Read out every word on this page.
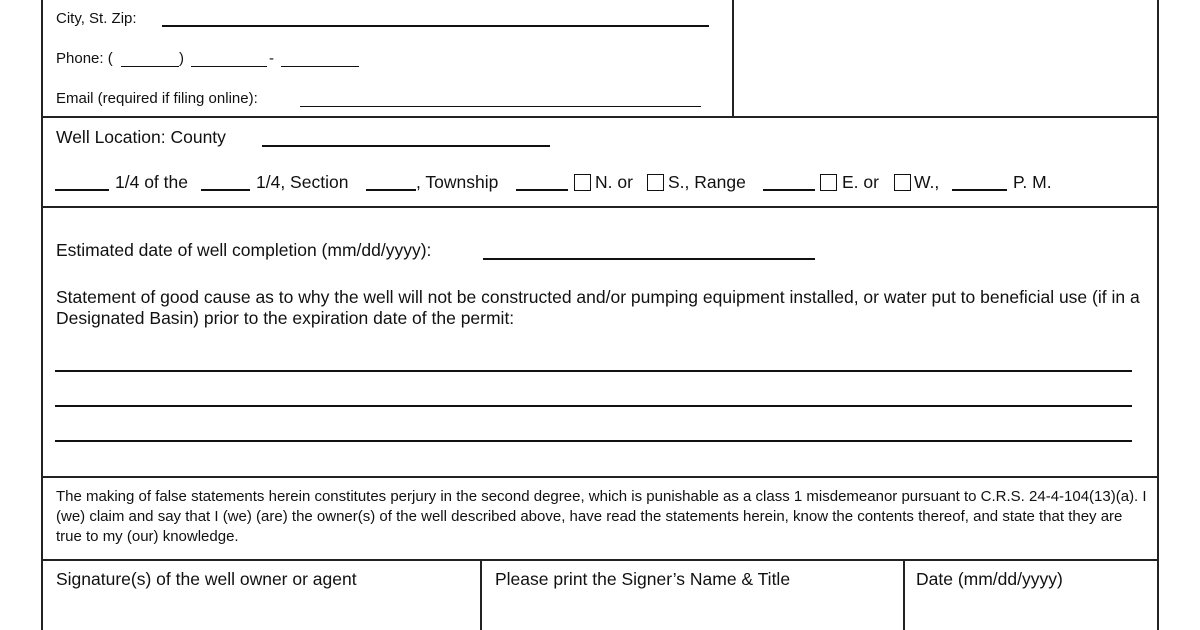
City, St. Zip:
Phone: (	)	-
Email (required if filing online):
Well Location: County
1/4 of the	1/4, Section	, Township	N. or S., Range	E. or W.,	P. M.
Estimated date of well completion (mm/dd/yyyy):
Statement of good cause as to why the well will not be constructed and/or pumping equipment installed, or water put to beneficial use (if in a Designated Basin) prior to the expiration date of the permit:
The making of false statements herein constitutes perjury in the second degree, which is punishable as a class 1 misdemeanor pursuant to C.R.S. 24-4-104(13)(a). I (we) claim and say that I (we) (are) the owner(s) of the well described above, have read the statements herein, know the contents thereof, and state that they are true to my (our) knowledge.
Signature(s) of the well owner or agent	Please print the Signer’s Name & Title	Date (mm/dd/yyyy)
